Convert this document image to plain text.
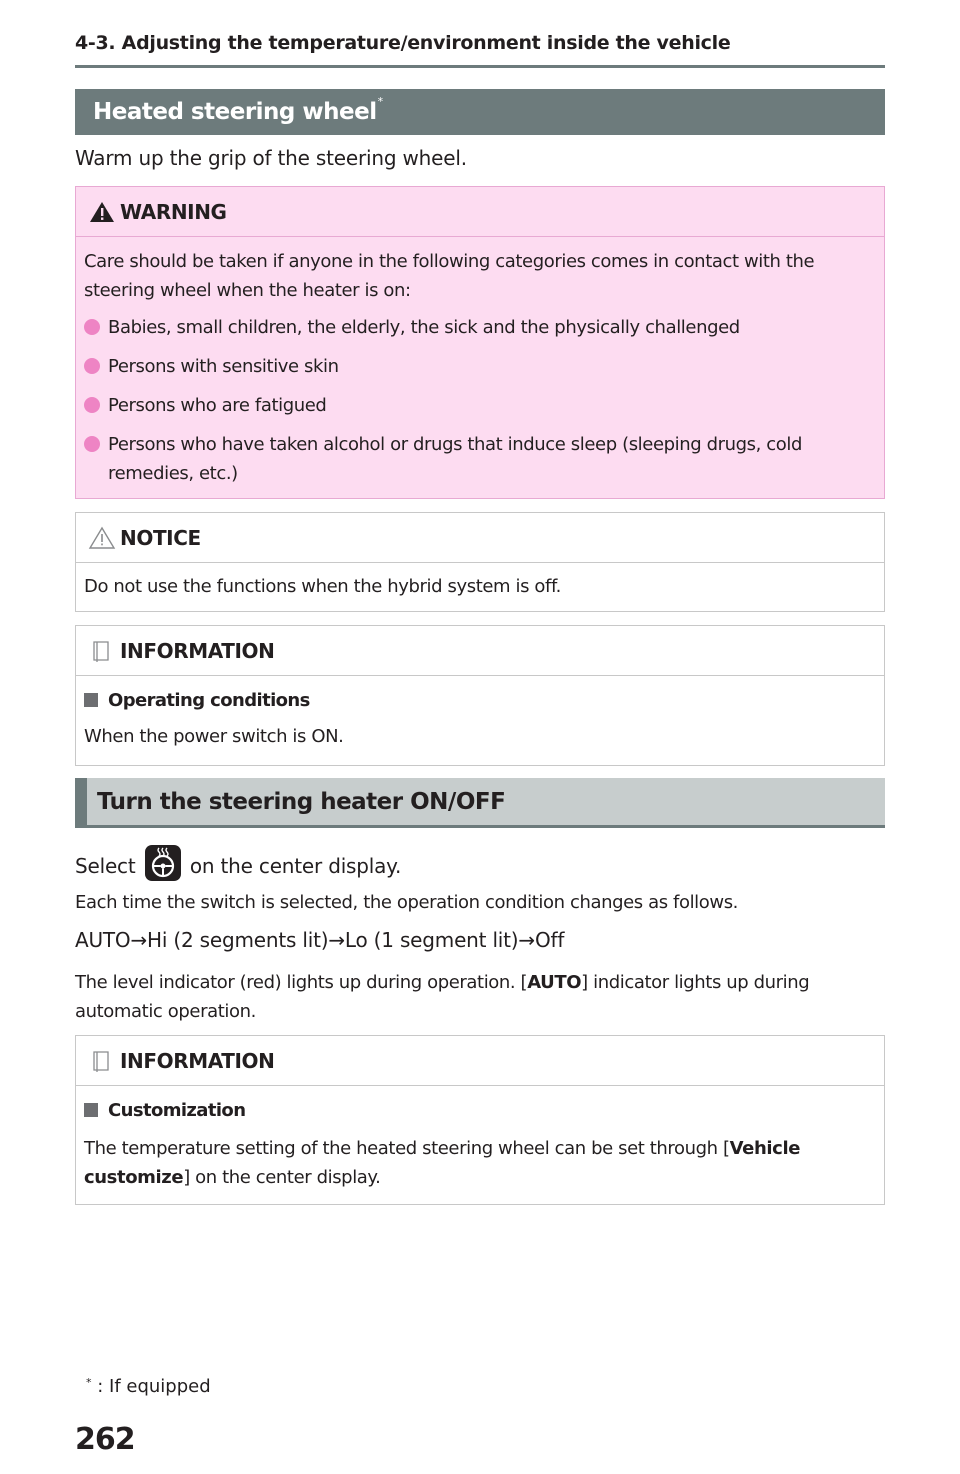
4-3. Adjusting the temperature/environment inside the vehicle
Heated steering wheel*
Warm up the grip of the steering wheel.
WARNING

Care should be taken if anyone in the following categories comes in contact with the steering wheel when the heater is on:

Babies, small children, the elderly, the sick and the physically challenged
Persons with sensitive skin
Persons who are fatigued
Persons who have taken alcohol or drugs that induce sleep (sleeping drugs, cold remedies, etc.)
NOTICE
Do not use the functions when the hybrid system is off.
INFORMATION
Operating conditions
When the power switch is ON.
Turn the steering heater ON/OFF
Select	on the center display.
Each time the switch is selected, the operation condition changes as follows.
AUTO→Hi (2 segments lit)→Lo (1 segment lit)→Off
The level indicator (red) lights up during operation. [AUTO] indicator lights up during automatic operation.
INFORMATION
Customization
The temperature setting of the heated steering wheel can be set through [Vehicle customize] on the center display.
* : If equipped
262
